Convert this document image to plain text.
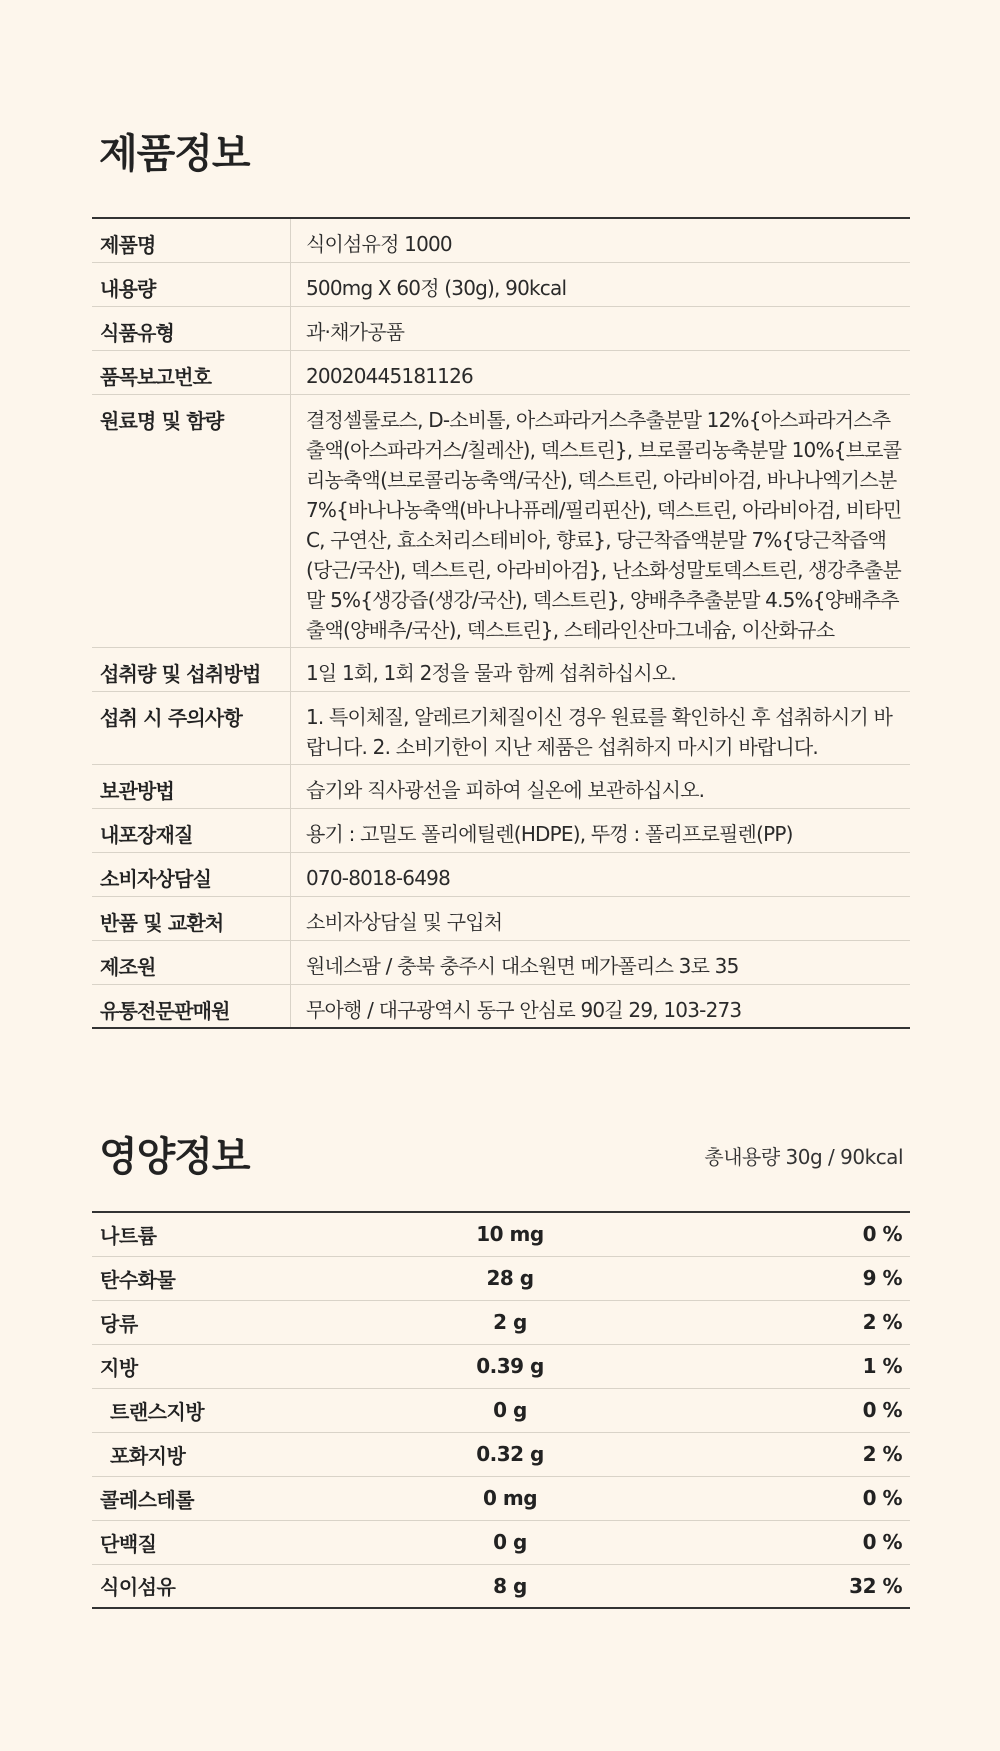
제품정보
제품명	식이섬유정 1000
내용량	500mg X 60정 (30g), 90kcal
식품유형	과·채가공품
품목보고번호	20020445181126
원료명 및 함량	결정셀룰로스, D-소비톨, 아스파라거스추출분말 12%{아스파라거스추출액(아스파라거스/칠레산), 덱스트린}, 브로콜리농축분말 10%{브로콜리농축액(브로콜리농축액/국산), 덱스트린, 아라비아검, 바나나엑기스분 7%{바나나농축액(바나나퓨레/필리핀산), 덱스트린, 아라비아검, 비타민C, 구연산, 효소처리스테비아, 향료}, 당근착즙액분말 7%{당근착즙액(당근/국산), 덱스트린, 아라비아검}, 난소화성말토덱스트린, 생강추출분말 5%{생강즙(생강/국산), 덱스트린}, 양배추추출분말 4.5%{양배추추출액(양배추/국산), 덱스트린}, 스테라인산마그네슘, 이산화규소
섭취량 및 섭취방법	1일 1회, 1회 2정을 물과 함께 섭취하십시오.
섭취 시 주의사항	1. 특이체질, 알레르기체질이신 경우 원료를 확인하신 후 섭취하시기 바랍니다. 2. 소비기한이 지난 제품은 섭취하지 마시기 바랍니다.
보관방법	습기와 직사광선을 피하여 실온에 보관하십시오.
내포장재질	용기 : 고밀도 폴리에틸렌(HDPE), 뚜껑 : 폴리프로필렌(PP)
소비자상담실	070-8018-6498
반품 및 교환처	소비자상담실 및 구입처
제조원	원네스팜 / 충북 충주시 대소원면 메가폴리스 3로 35
유통전문판매원	무아행 / 대구광역시 동구 안심로 90길 29, 103-273
영양정보	총내용량 30g / 90kcal
나트륨	10 mg	0 %
탄수화물	28 g	9 %
당류	2 g	2 %
지방	0.39 g	1 %
트랜스지방	0 g	0 %
포화지방	0.32 g	2 %
콜레스테롤	0 mg	0 %
단백질	0 g	0 %
식이섬유	8 g	32 %
